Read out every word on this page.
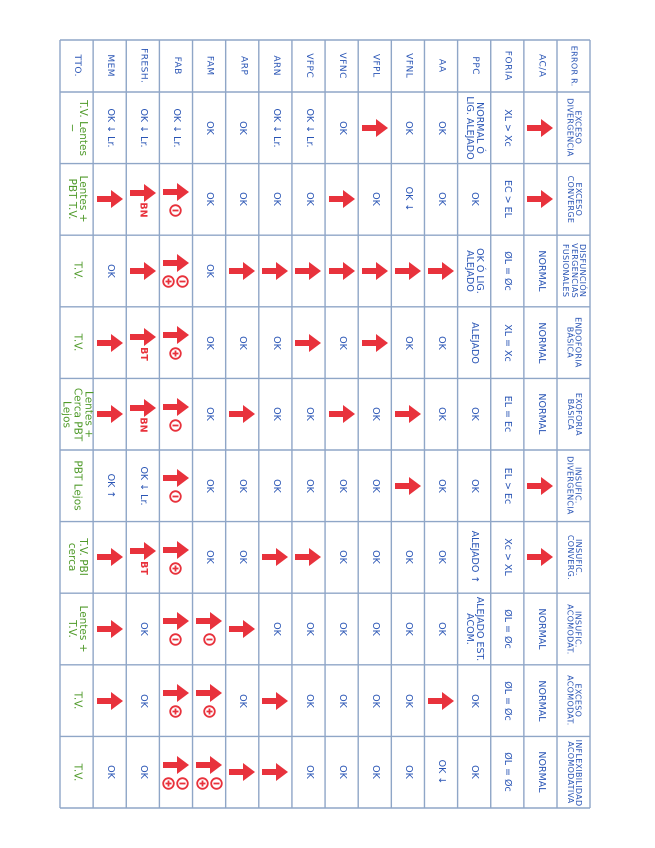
ERROR R.
EXCESO DIVERGENCIA
EXCESO CONVERGE
DISFUNCIÓN VERGENCIAS FUSIONALES
ENDOFORIA BÁSICA
EXOFORIA BÁSICA
INSUFIC. DIVERGENCIA
INSUFIC. CONVERG.
INSUFIC. ACOMODAT.
EXCESO ACOMODAT.
INFLEXIBILIDAD ACOMODATIVA
AC/A
NORMAL
NORMAL
NORMAL
NORMAL
NORMAL
NORMAL
FORIA
XL > Xc
EC > EL
ØL = Øc
XL = Xc
EL = Ec
EL > Ec
Xc > XL
ØL = Øc
ØL = Øc
ØL = Øc
PPC
NORMAL Ó LIG. ALEJADO
OK
OK Ó LIG. ALEJADO
ALEJADO
OK
OK
ALEJADO ↑
ALEJADO EST. ACOM.
OK
OK
AA
OK
OK
OK
OK
OK
OK
OK
OK ↓
VFNL
OK
OK ↓
OK
OK
OK
OK
OK
VFPL
OK
OK
OK
OK
OK
OK
OK
VFNC
OK
OK
OK
OK
OK
OK
OK
VFPC
OK ↓ Lr.
OK
OK
OK
OK
OK
OK
ARN
OK ↓ Lr.
OK
OK
OK
OK
OK
ARP
OK
OK
OK
OK
OK
OK
FAM
OK
OK
OK
OK
OK
OK
OK
FAB
OK ↓ Lr.
FRESH.
OK ↓ Lr.
BN
BT
BN
OK ↓ Lr.
BT
OK
OK
OK
MEM
OK ↓ Lr.
OK
OK ↑
OK
TTO.
T.V. Lentes −
Lentes + PBT T.V.
T.V.
T.V.
Lentes + Cerca PBT Lejos
PBT Lejos
T.V. PBI cerca
Lentes + T.V.
T.V.
T.V.
